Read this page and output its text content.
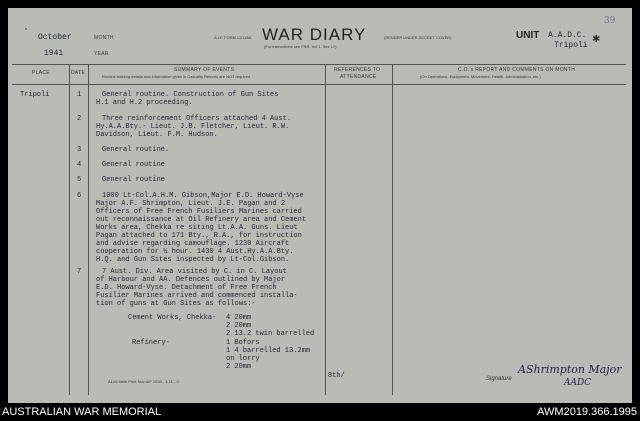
°
October	MONTH
1941	YEAR
A.I.F. FORM C2118A WAR DIARY
(For instructions see FSR, Vol 1, Sec 17)
(RENDER UNDER SECRET COVER)	UNIT A.A.D.C.
Tripoli
39
✱
PLACE	DATE	SUMMARY OF EVENTS
Routine training details and information given in Casualty Returns are NOT required
REFERENCES TO
ATTENDANCE
C.O.'s REPORT AND COMMENTS ON MONTH
(On Operations, Equipment, Movement, Health, Administration, etc.)
Tripoli	1	General routine. Construction of Gun Sites
H.1 and H.2 proceeding.
2	Three reinforcement Officers attached 4 Aust.
Hy.A.A.Bty.- Lieut. J.B. Fletcher, Lieut. R.W.
Davidson, Lieut. F.M. Hudson.
3	General routine.
4	General routine
5	General routine
6	1000 Lt-Col.A.H.M. Gibson,Major E.D. Howard-Vyse
Major A.F. Shrimpton, Lieut. J.E. Pagan and 2
Officers of Free French Fusiliers Marines carried
out reconnaissance at Oil Refinery area and Cement
Works area, Chekka re siting Lt.A.A. Guns. Lieut
Pagan attached to 171 Bty., R.A., for instruction
and advise regarding camouflage. 1230 Aircraft
cooperation for ½ hour. 1430 4 Aust.Hy.A.A.Bty.
H.Q. and Gun Sites inspected by Lt-Col.Gibson.
7	7 Aust. Div. Area visited by C. in C. Layout
of Harbour and AA. Defences outlined by Major
E.D. Howard-Vyse. Detachment of Free French
Fusilier Marines arrived and commenced installa-
tion of guns at Gun Sites as follows:-
Cement Works, Chekka- 4 20mm
2 20mm
2 13.2 twin barrelled
Refinery-	1 Bofors
1 4 barrelled 13.2mm
on lorry
2 20mm
8th/	Signature
AShrimpton Major
AADC
A100 Melb Print Nov AIF 1930 - 4 11 - G
AUSTRALIAN WAR MEMORIAL	AWM2019.366.1995
